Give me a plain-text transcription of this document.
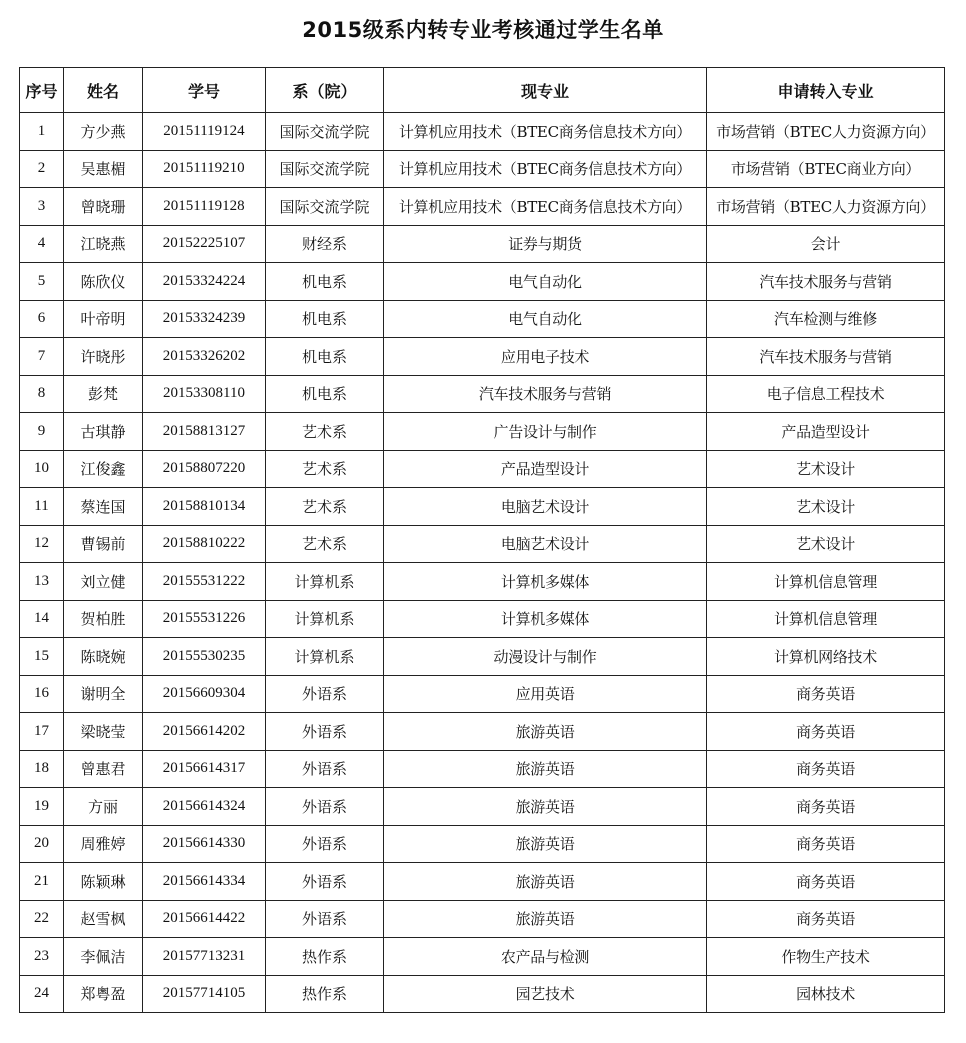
2015级系内转专业考核通过学生名单
序号	姓名	学号	系（院）	现专业	申请转入专业
1	方少燕	20151119124	国际交流学院	计算机应用技术（BTEC商务信息技术方向）	市场营销（BTEC人力资源方向）
2	吴惠楣	20151119210	国际交流学院	计算机应用技术（BTEC商务信息技术方向）	市场营销（BTEC商业方向）
3	曾晓珊	20151119128	国际交流学院	计算机应用技术（BTEC商务信息技术方向）	市场营销（BTEC人力资源方向）
4	江晓燕	20152225107	财经系	证券与期货	会计
5	陈欣仪	20153324224	机电系	电气自动化	汽车技术服务与营销
6	叶帝明	20153324239	机电系	电气自动化	汽车检测与维修
7	许晓彤	20153326202	机电系	应用电子技术	汽车技术服务与营销
8	彭梵	20153308110	机电系	汽车技术服务与营销	电子信息工程技术
9	古琪静	20158813127	艺术系	广告设计与制作	产品造型设计
10	江俊鑫	20158807220	艺术系	产品造型设计	艺术设计
11	蔡连国	20158810134	艺术系	电脑艺术设计	艺术设计
12	曹锡前	20158810222	艺术系	电脑艺术设计	艺术设计
13	刘立健	20155531222	计算机系	计算机多媒体	计算机信息管理
14	贺柏胜	20155531226	计算机系	计算机多媒体	计算机信息管理
15	陈晓婉	20155530235	计算机系	动漫设计与制作	计算机网络技术
16	谢明全	20156609304	外语系	应用英语	商务英语
17	梁晓莹	20156614202	外语系	旅游英语	商务英语
18	曾惠君	20156614317	外语系	旅游英语	商务英语
19	方丽	20156614324	外语系	旅游英语	商务英语
20	周雅婷	20156614330	外语系	旅游英语	商务英语
21	陈颖琳	20156614334	外语系	旅游英语	商务英语
22	赵雪枫	20156614422	外语系	旅游英语	商务英语
23	李佩洁	20157713231	热作系	农产品与检测	作物生产技术
24	郑粤盈	20157714105	热作系	园艺技术	园林技术
